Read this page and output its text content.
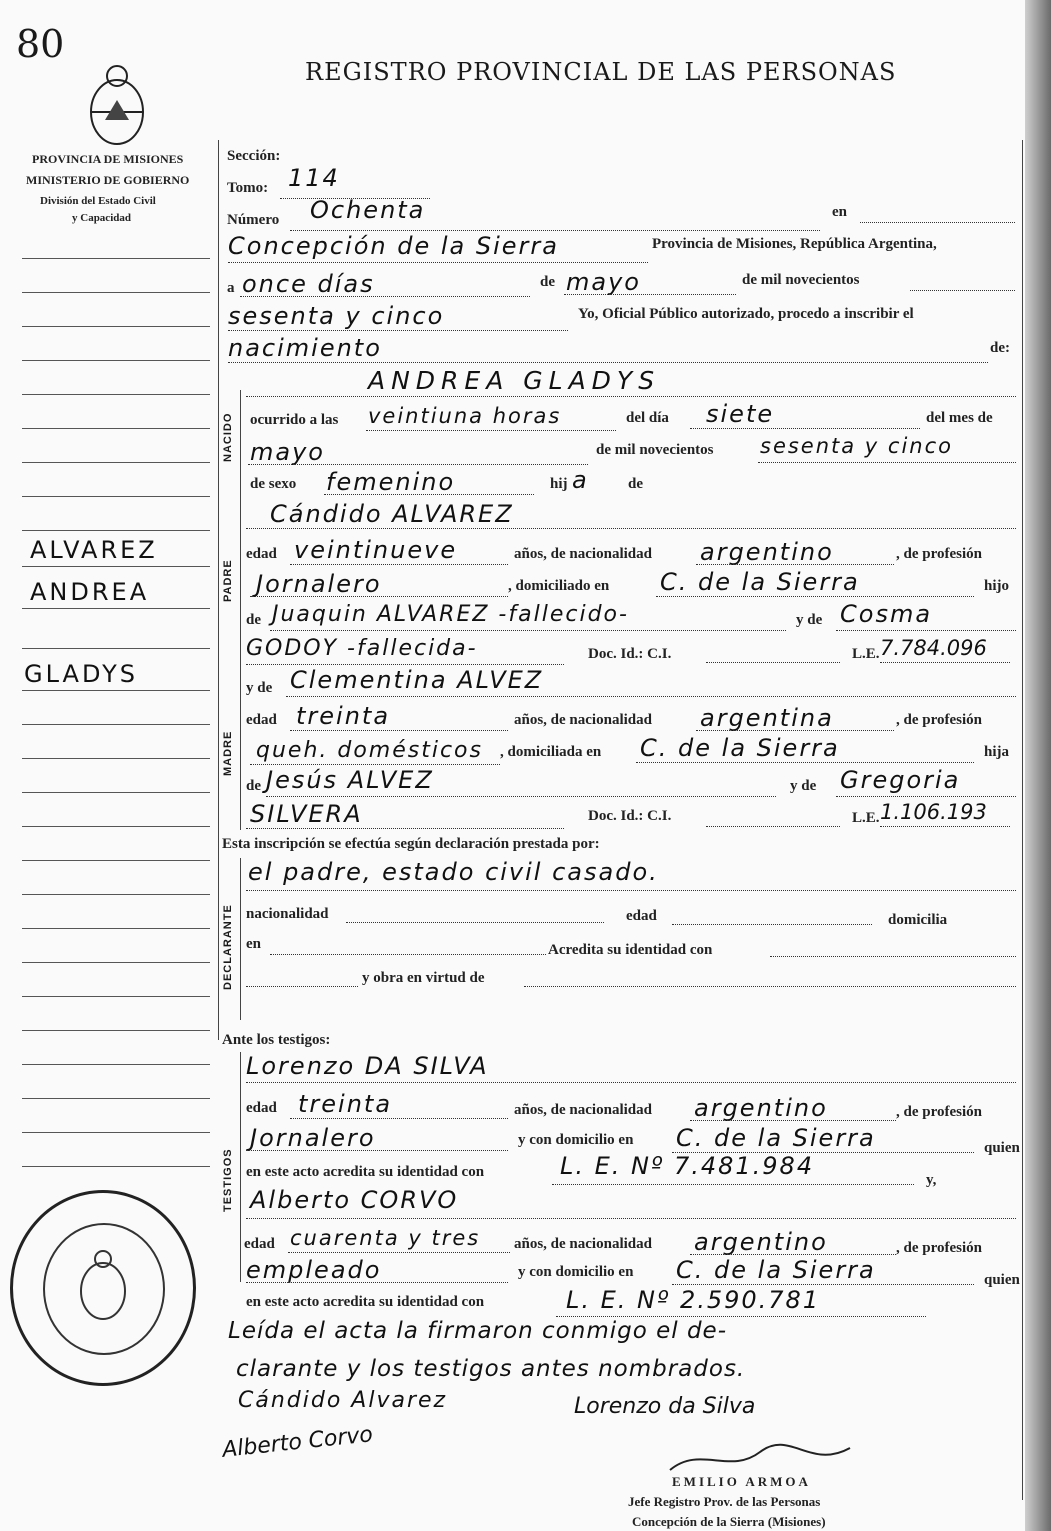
80
REGISTRO PROVINCIAL DE LAS PERSONAS
PROVINCIA DE MISIONES
MINISTERIO DE GOBIERNO
División del Estado Civil
y Capacidad
ALVAREZ
ANDREA
GLADYS
NACIDO
PADRE
MADRE
DECLARANTE
TESTIGOS
Sección:
Tomo: 114
Número Ochenta	en
Concepción de la Sierra	Provincia de Misiones, República Argentina,
a once días	de mayo	de mil novecientos
sesenta y cinco	Yo, Oficial Público autorizado, procedo a inscribir el
nacimiento	de:
ANDREA GLADYS
ocurrido a las veintiuna horas	del día siete	del mes de
mayo	de mil novecientos sesenta y cinco
de sexo femenino	hij a	de
Cándido ALVAREZ
edad veintinueve	años, de nacionalidad argentino	, de profesión
Jornalero	, domiciliado en C. de la Sierra	hijo
de Juaquin ALVAREZ -fallecido-	y de Cosma
GODOY -fallecida-	Doc. Id.: C.I.	L.E. 7.784.096
y de Clementina ALVEZ
edad treinta	años, de nacionalidad argentina	, de profesión
queh. domésticos , domiciliada en C. de la Sierra	hija
de Jesús ALVEZ	y de Gregoria
SILVERA	Doc. Id.: C.I.	L.E. 1.106.193
Esta inscripción se efectúa según declaración prestada por:
el padre, estado civil casado.
nacionalidad	edad	domicilia
en	Acredita su identidad con
y obra en virtud de
Ante los testigos:
Lorenzo DA SILVA
edad treinta	años, de nacionalidad argentino	, de profesión
Jornalero	y con domicilio en C. de la Sierra	quien
en este acto acredita su identidad con	L. E. Nº 7.481.984	y,
Alberto CORVO
edad cuarenta y tres años, de nacionalidad argentino	, de profesión
empleado	y con domicilio en C. de la Sierra	quien
en este acto acredita su identidad con	L. E. Nº 2.590.781
Leída el acta la firmaron conmigo el de-
clarante y los testigos antes nombrados.
Cándido Alvarez	Lorenzo da Silva
Alberto Corvo
EMILIO ARMOA
Jefe Registro Prov. de las Personas
Concepción de la Sierra (Misiones)
